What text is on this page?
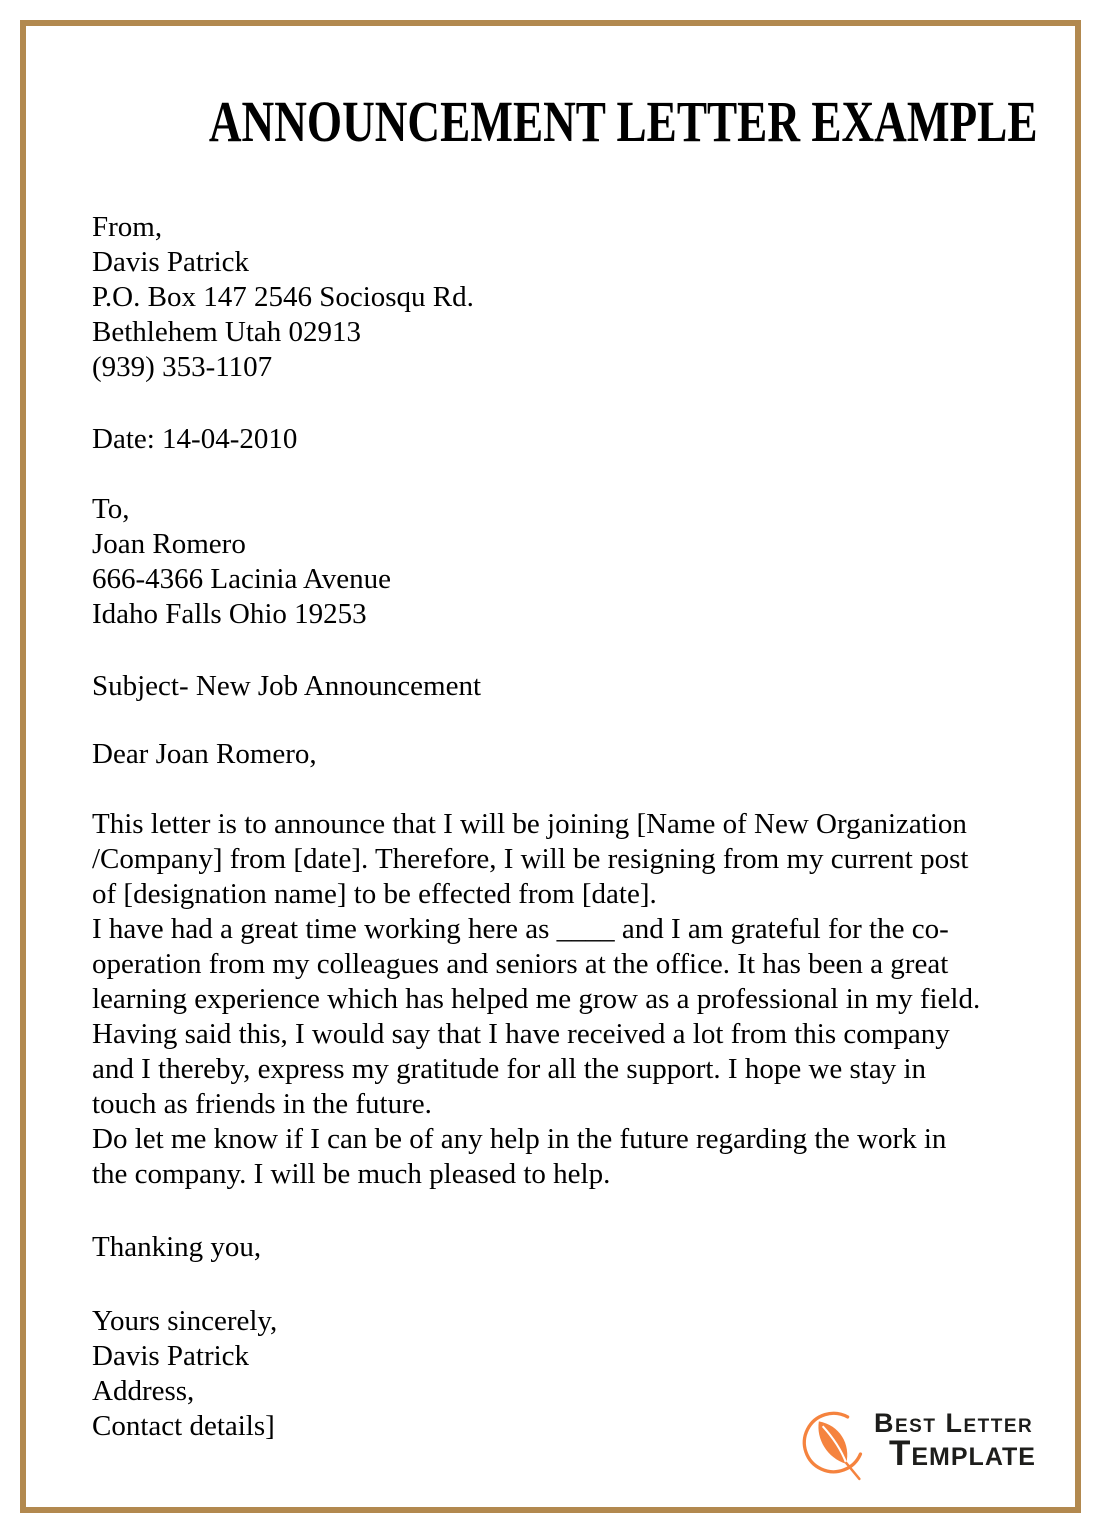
ANNOUNCEMENT LETTER EXAMPLE

From,

Davis Patrick

P.O. Box 147 2546 Sociosqu Rd.

Bethlehem Utah 02913

(939) 353-1107

Date: 14-04-2010

To,

Joan Romero

666-4366 Lacinia Avenue

Idaho Falls Ohio 19253

Subject- New Job Announcement

Dear Joan Romero,

This letter is to announce that I will be joining [Name of New Organization

/Company] from [date]. Therefore, I will be resigning from my current post

of [designation name] to be effected from [date].

I have had a great time working here as ____ and I am grateful for the co-

operation from my colleagues and seniors at the office. It has been a great

learning experience which has helped me grow as a professional in my field.

Having said this, I would say that I have received a lot from this company

and I thereby, express my gratitude for all the support. I hope we stay in

touch as friends in the future.

Do let me know if I can be of any help in the future regarding the work in

the company. I will be much pleased to help.

Thanking you,

Yours sincerely,

Davis Patrick

Address,

Contact details]	Best Letter
Template
